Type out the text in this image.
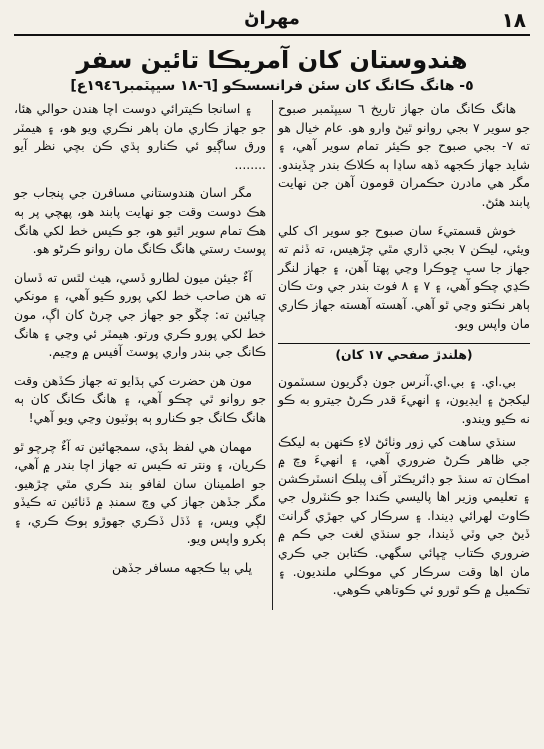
١٨
مهراڻ
هندوستان کان آمريڪا تائين سفر
٥- هانگ ڪانگ کان سئن فرانسسڪو [٦-١٨ سيپٽمبر١٩٤٦ع]

هانگ ڪانگ مان جهاز تاريخ ٦ سيپٽمبر صبوح جو سوير ٧ بجي روانو ٿيڻ وارو هو. عام خيال هو ته ٧- بجي صبوح جو ڪيئر تمام سوير آهي، ۽ شايد جهاز ڪجهه ڏهه ساڍا ٻه ڪلاڪ بندر ڇڏيندو. مگر هي مادرن حڪمران قومون آهن جن نهايت پابند هئڻ.

خوش قسمتيءَ سان صبوح جو سوير اک کلي ويئي، ليڪن ٧ بجي ڌاري مٿي چڙهيس، ته ڏٺم ته جهاز جا سڀ ڇوڪرا وڃي پهتا آهن، ۽ جهاز لنگر ڪڍي چڪو آهي، ۽ ٧ ۽ ٨ فوٽ بندر جي وٽ ڪان ٻاهر نڪتو وڃي ٿو آهي. آهسته آهسته جهاز ڪاري مان واپس ويو.

(هلندڙ صفحي ١٧ کان)

بي.اي. ۽ بي.اي.آنرس جون ڊگريون سسٽمون ليکجڻ ۽ ايڊيون، ۽ انهيءَ قدر ڪرڻ جيترو به ڪو نه ڪيو ويندو.

سنڌي ساهت کي زور وٺائڻ لاءِ ڪنهن به ليکڪ جي ظاهر ڪرڻ ضروري آهي، ۽ انهيءَ وچ ۾ امڪان ته سنڌ جو ڊائريڪٽر آف پبلڪ انسٽرڪشن ۽ تعليمي وزير اها پاليسي ڪندا جو ڪنٽرول جي ڪاوٽ لهرائي ڊيندا. ۽ سرڪار کي جهڙي گرانٽ ڏيڻ جي وٽي ڏيندا، جو سنڌي لغت جي ڪم ۾ ضروري ڪتاب ڇپائي سگهي. ڪتابن جي ڪري مان اها وقت سرڪار کي موڪلي ملنديون. ۽ تڪميل ۾ ڪو ٿورو ئي ڪوتاهي ڪوهي.

۽ اسانجا ڪيترائي دوست اچا هندن حوالي هئا، جو جهاز ڪاري مان ٻاهر نڪري ويو هو، ۽ هيمٽر ورق ساڳيو ئي ڪنارو ٻڌي ڪن بچي نظر آيو ........

مگر اسان هندوستاني مسافرن جي پنجاب جو هڪ دوست وقت جو نهايت پابند هو، پهچي پر ٻه هڪ تمام سوير اٿيو هو، جو ڪيس خط لکي هانگ پوسٽ رستي هانگ ڪانگ مان روانو ڪرڻو هو.

آءٌ جيئن ميون لطارو ڏسي، هيٺ لٿس ته ڏسان ته هن صاحب خط لکي پورو ڪيو آهي، ۽ مونکي چيائين ته: چڱو جو جهاز جي چرڻ کان اڳ، مون خط لکي پورو ڪري ورتو. هيمٽر ئي وڃي ۽ هانگ ڪانگ جي بندر واري پوسٽ آفيس ۾ وڃيم.

مون هن حضرت کي ٻڌايو ته جهاز ڪڏهن وقت جو روانو ٿي چڪو آهي، ۽ هانگ ڪانگ کان ٻه هانگ ڪانگ جو ڪنارو ٻه ٻوٽيون وڃي ويو آهي!

مهمان هي لفظ ٻڌي، سمجهائين ته آءٌ چرچو ٿو ڪريان، ۽ ونتر ته ڪيس ته جهاز اچا بندر ۾ آهي، جو اطمينان سان لفافو بند ڪري مٿي چڙهيو. مگر جڏهن جهاز کي وچ سمنڊ ۾ ڏٺائين ته ڪيڏو لڳي ويس، ۽ ڏڌل ڏڪري جهوڙو ٻوڪ ڪري، ۽ ٻکرو واپس ويو.

ڀلي ٻيا ڪجهه مسافر جڏهن
